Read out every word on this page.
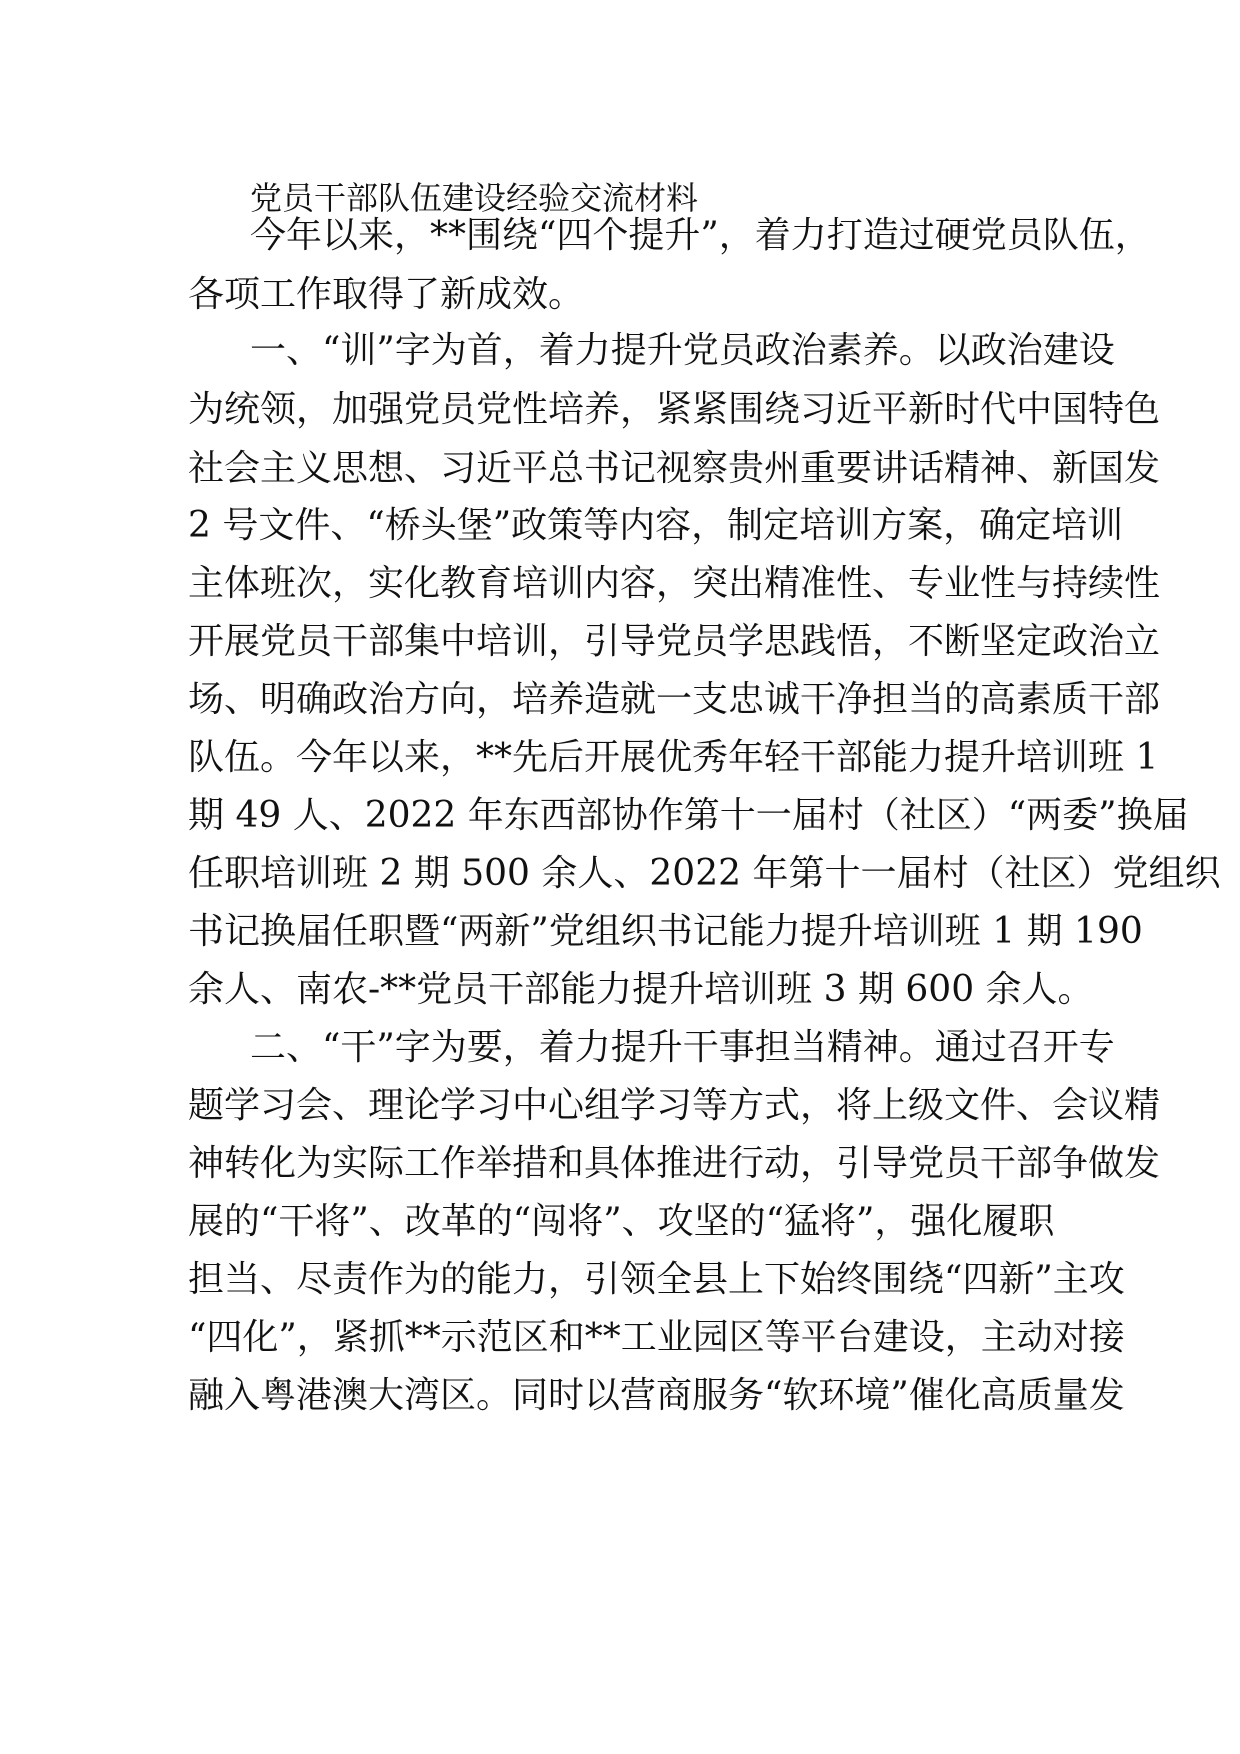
党员干部队伍建设经验交流材料
今年以来，**围绕“四个提升”，着力打造过硬党员队伍，
各项工作取得了新成效。
一、“训”字为首，着力提升党员政治素养。以政治建设
为统领，加强党员党性培养，紧紧围绕习近平新时代中国特色
社会主义思想、习近平总书记视察贵州重要讲话精神、新国发
2 号文件、“桥头堡”政策等内容，制定培训方案，确定培训
主体班次，实化教育培训内容，突出精准性、专业性与持续性
开展党员干部集中培训，引导党员学思践悟，不断坚定政治立
场、明确政治方向，培养造就一支忠诚干净担当的高素质干部
队伍。今年以来，**先后开展优秀年轻干部能力提升培训班 1
期 49 人、2022 年东西部协作第十一届村（社区）“两委”换届
任职培训班 2 期 500 余人、2022 年第十一届村（社区）党组织
书记换届任职暨“两新”党组织书记能力提升培训班 1 期 190
余人、南农-**党员干部能力提升培训班 3 期 600 余人。
二、“干”字为要，着力提升干事担当精神。通过召开专
题学习会、理论学习中心组学习等方式，将上级文件、会议精
神转化为实际工作举措和具体推进行动，引导党员干部争做发
展的“干将”、改革的“闯将”、攻坚的“猛将”，强化履职
担当、尽责作为的能力，引领全县上下始终围绕“四新”主攻
“四化”，紧抓**示范区和**工业园区等平台建设，主动对接
融入粤港澳大湾区。同时以营商服务“软环境”催化高质量发
